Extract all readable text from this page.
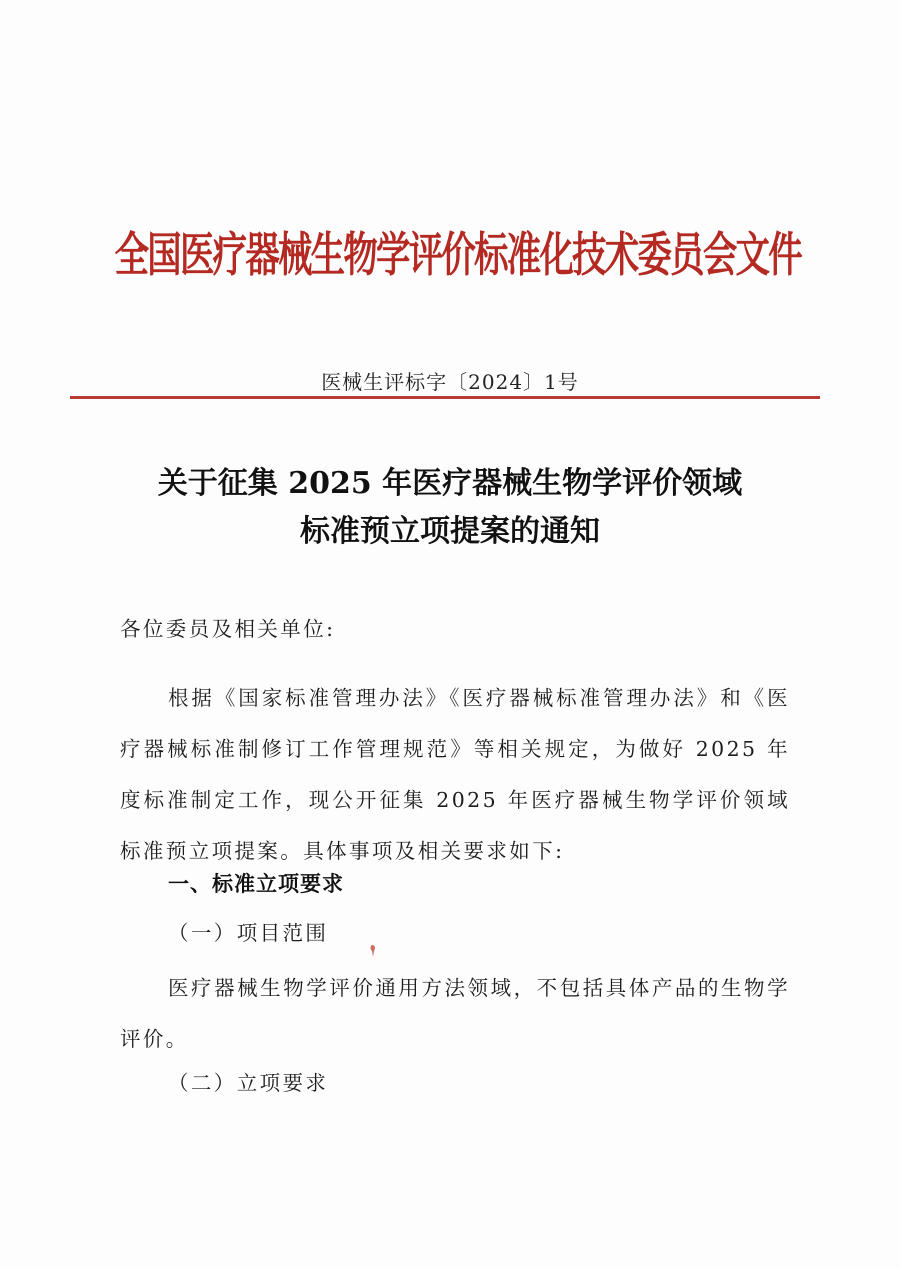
全国医疗器械生物学评价标准化技术委员会文件
医械生评标字〔2024〕1号
关于征集 2025 年医疗器械生物学评价领域
标准预立项提案的通知
各位委员及相关单位:
根据《国家标准管理办法》《医疗器械标准管理办法》和《医疗器械标准制修订工作管理规范》等相关规定，为做好 2025 年度标准制定工作，现公开征集 2025 年医疗器械生物学评价领域标准预立项提案。具体事项及相关要求如下:
一、标准立项要求
（一）项目范围
医疗器械生物学评价通用方法领域，不包括具体产品的生物学评价。
（二）立项要求
